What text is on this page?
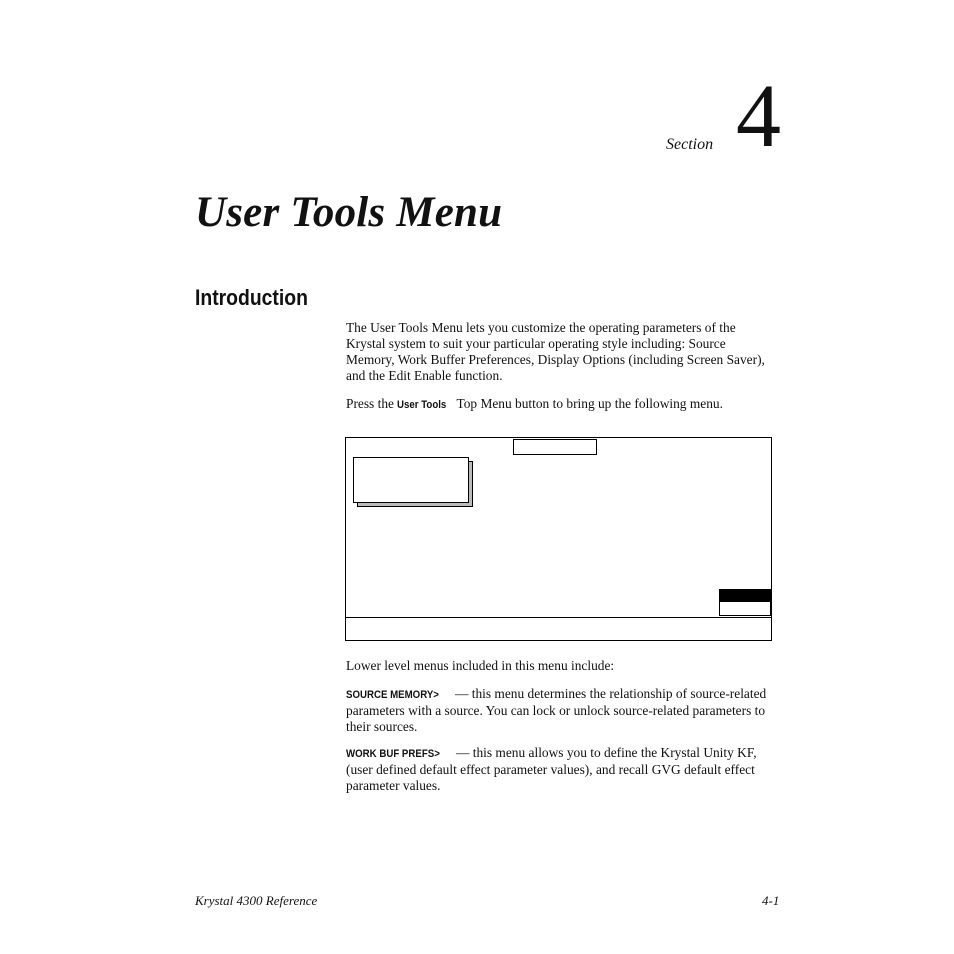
Section 4
User Tools Menu
Introduction
The User Tools Menu lets you customize the operating parameters of the Krystal system to suit your particular operating style including: Source Memory, Work Buffer Preferences, Display Options (including Screen Saver), and the Edit Enable function.
Press the User Tools Top Menu button to bring up the following menu.
Lower level menus included in this menu include:
SOURCE MEMORY> — this menu determines the relationship of source-related parameters with a source. You can lock or unlock source-related parameters to their sources.
WORK BUF PREFS> — this menu allows you to define the Krystal Unity KF, (user defined default effect parameter values), and recall GVG default effect parameter values.
Krystal 4300 Reference	4-1
